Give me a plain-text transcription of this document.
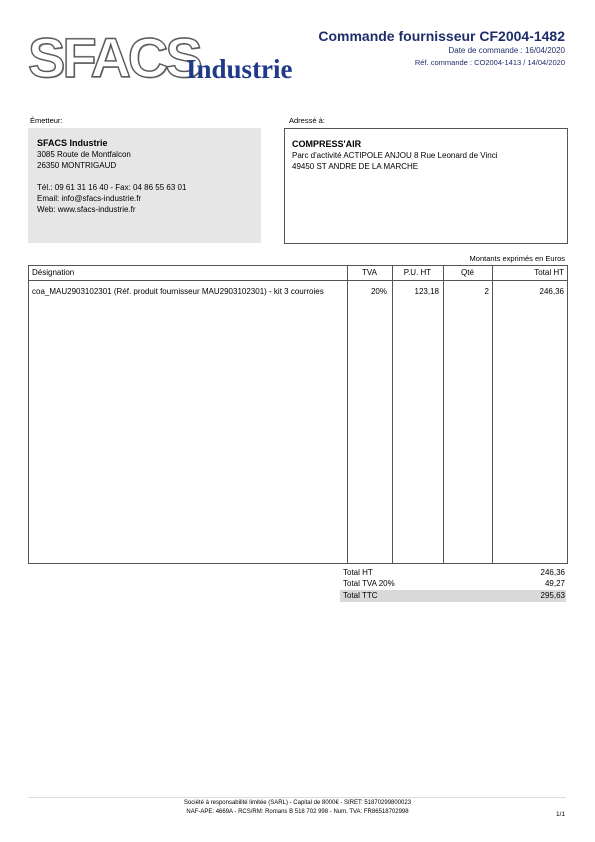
SFACS
Industrie
Commande fournisseur CF2004-1482
Date de commande : 16/04/2020
Réf. commande : CO2004-1413 / 14/04/2020
Émetteur:

SFACS Industrie

3085 Route de Montfalcon

26350 MONTRIGAUD

Tél.: 09 61 31 16 40 - Fax: 04 86 55 63 01

Email: info@sfacs-industrie.fr

Web: www.sfacs-industrie.fr

Adressé à:

COMPRESS'AIR

Parc d'activité ACTIPOLE ANJOU 8 Rue Leonard de Vinci

49450 ST ANDRE DE LA MARCHE

Montants exprimés en Euros
Désignation	TVA	P.U. HT	Qté	Total HT
coa_MAU2903102301 (Réf. produit fournisseur MAU2903102301) - kit 3 courroies	20%	123,18	2	246,36
Total HT	246,36
Total TVA 20%	49,27
Total TTC	295,63
Société à responsabilité limitée (SARL) - Capital de 8000€ - SIRET: 51870299800023
NAF-APE: 4669A - RCS/RM: Romans B 518 702 998 - Num. TVA: FR86518702998	1/1
